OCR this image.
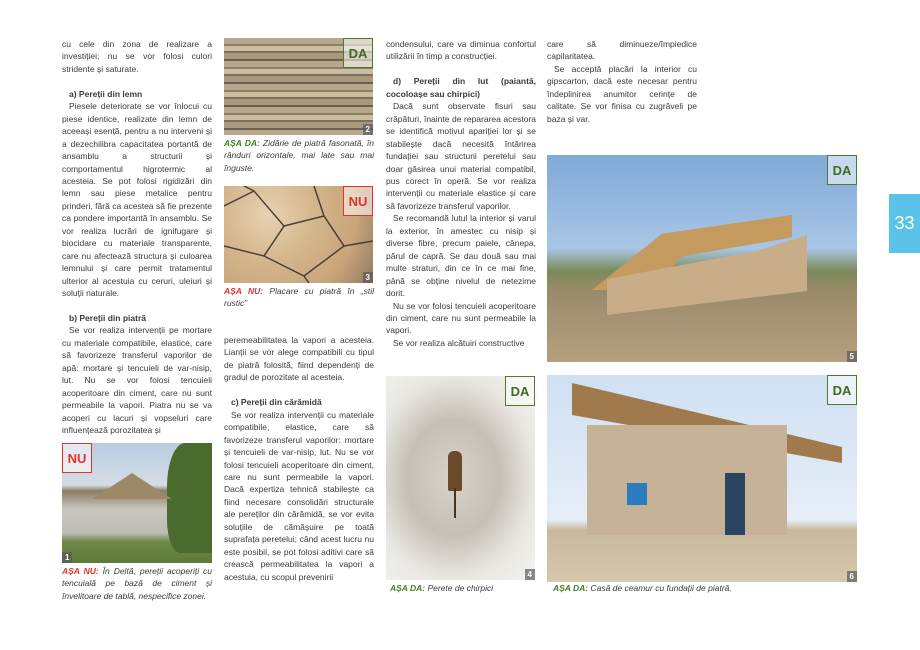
cu cele din zona de realizare a investiției; nu se vor folosi culori stridente și saturate.

a) Pereții din lemn

Piesele deteriorate se vor înlocui cu piese identice, realizate din lemn de aceeași esență, pentru a nu interveni și a dezechilibra capacitatea portantă de ansamblu a structurii și comportamentul higrotermic al acesteia. Se pot folosi rigidizări din lemn sau piese metalice pentru prinderi, fără ca acestea să fie prezente ca pondere importantă în ansamblu. Se vor realiza lucrări de ignifugare și biocidare cu materiale transparente, care nu afectează structura și culoarea lemnului și care permit tratamentul ulterior al acestuia cu ceruri, uleiuri și soluții naturale.

b) Pereții din piatră

Se vor realiza intervenții pe mortare cu materiale compatibile, elastice, care să favorizeze transferul vaporilor de apă: mortare și tencuieli de var-nisip, lut. Nu se vor folosi tencuieli acoperitoare din ciment, care nu sunt permeabile la vapori. Piatra nu se va acoperi cu lacuri și vopseluri care influențează porozitatea și

peremeabilitatea la vapori a acesteia. Lianții se vor alege compatibili cu tipul de piatră folosită, fiind dependenți de gradul de porozitate al acesteia.

c) Pereții din cărămidă

Se vor realiza intervenții cu materiale compatibile, elastice, care să favorizeze transferul vaporilor: mortare și tencuieli de var-nisip, lut. Nu se vor folosi tencuieli acoperitoare din ciment, care nu sunt permeabile la vapori. Dacă expertiza tehnică stabilește ca fiind necesare consolidări structurale ale pereților din cărămidă, se vor evita soluțiile de cămășuire pe toată suprafața peretelui; când acest lucru nu este posibil, se pot folosi aditivi care să crească permeabilitatea la vapori a acestuia, cu scopul prevenirii

condensului, care va diminua confortul utilizării în timp a construcției.

d) Pereții din lut (paiantă, cocoloașe sau chirpici)

Dacă sunt observate fisuri sau crăpături, înainte de repararea acestora se identifică motivul apariției lor și se stabilește dacă necesită întărirea fundației sau structurii peretelui sau doar găsirea unui material compatibil, pus corect în operă. Se vor realiza intervenții cu materiale elastice și care să favorizeze transferul vaporilor.

Se recomandă lutul la interior și varul la exterior, în amestec cu nisip și diverse fibre, precum paiele, cânepa, părul de capră. Se dau două sau mai multe straturi, din ce în ce mai fine, până se obține nivelul de netezime dorit.

Nu se vor folosi tencuieli acoperitoare din ciment, care nu sunt permeabile la vapori.

Se vor realiza alcătuiri constructive

care să diminueze/împiedice capilaritatea.

Se acceptă placări la interior cu gipscarton, dacă este necesar pentru îndeplinirea anumitor cerințe de calitate. Se vor finisa cu zugrăveli pe baza și var.

NU
1
AȘA NU: În Deltă, pereții acoperiți cu tencuială pe bază de ciment și învelitoare de tablă, nespecifice zonei.
DA
2
AȘA DA: Zidărie de piatră fasonată, în rânduri orizontale, mai late sau mai înguste.
NU
3
AȘA NU: Placare cu piatră în „stil rustic”
DA
4
AȘA DA: Perete de chirpici
DA
5
DA
6
AȘA DA: Casă de ceamur cu fundații de piatră.
33
